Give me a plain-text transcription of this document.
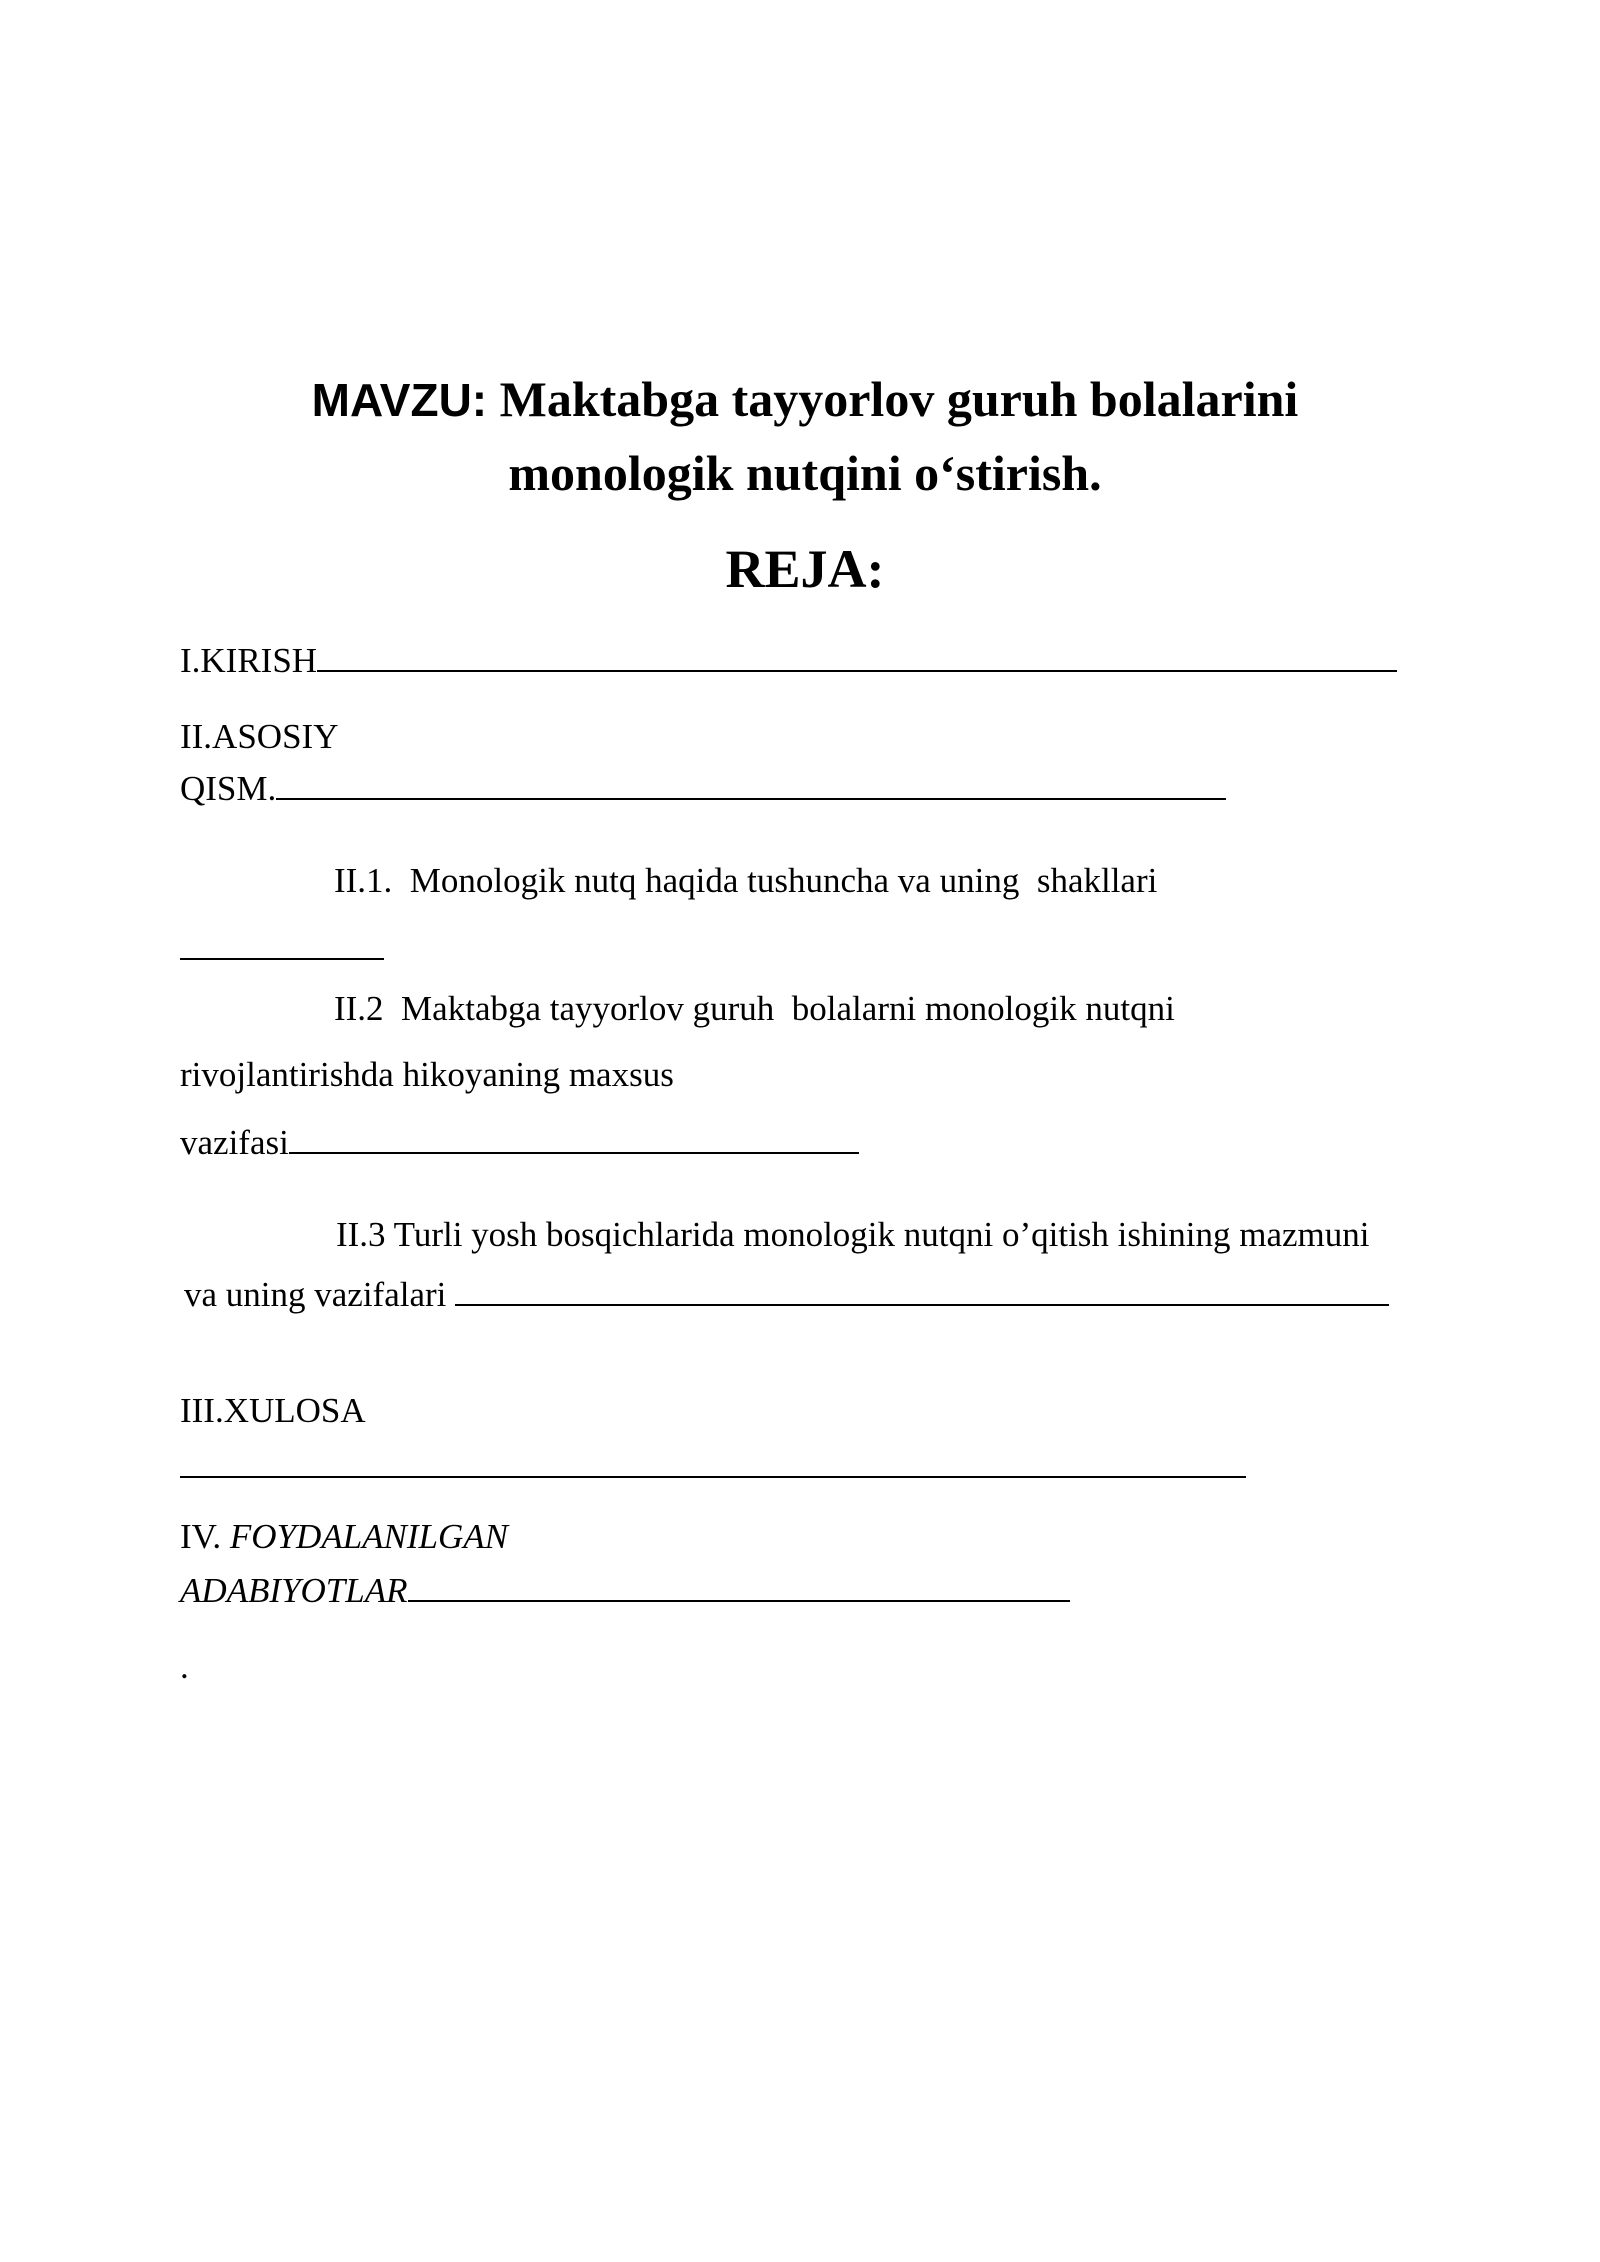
MAVZU: Maktabga tayyorlov guruh bolalarini
monologik nutqini o‘stirish.
REJA:
I.KIRISH
II.ASOSIY
QISM.
II.1.  Monologik nutq haqida tushuncha va uning  shakllari
II.2  Maktabga tayyorlov guruh  bolalarni monologik nutqni
rivojlantirishda hikoyaning maxsus
vazifasi
II.3 Turli yosh bosqichlarida monologik nutqni o’qitish ishining mazmuni
va uning vazifalari
III.XULOSA
IV. FOYDALANILGAN
ADABIYOTLAR
.
